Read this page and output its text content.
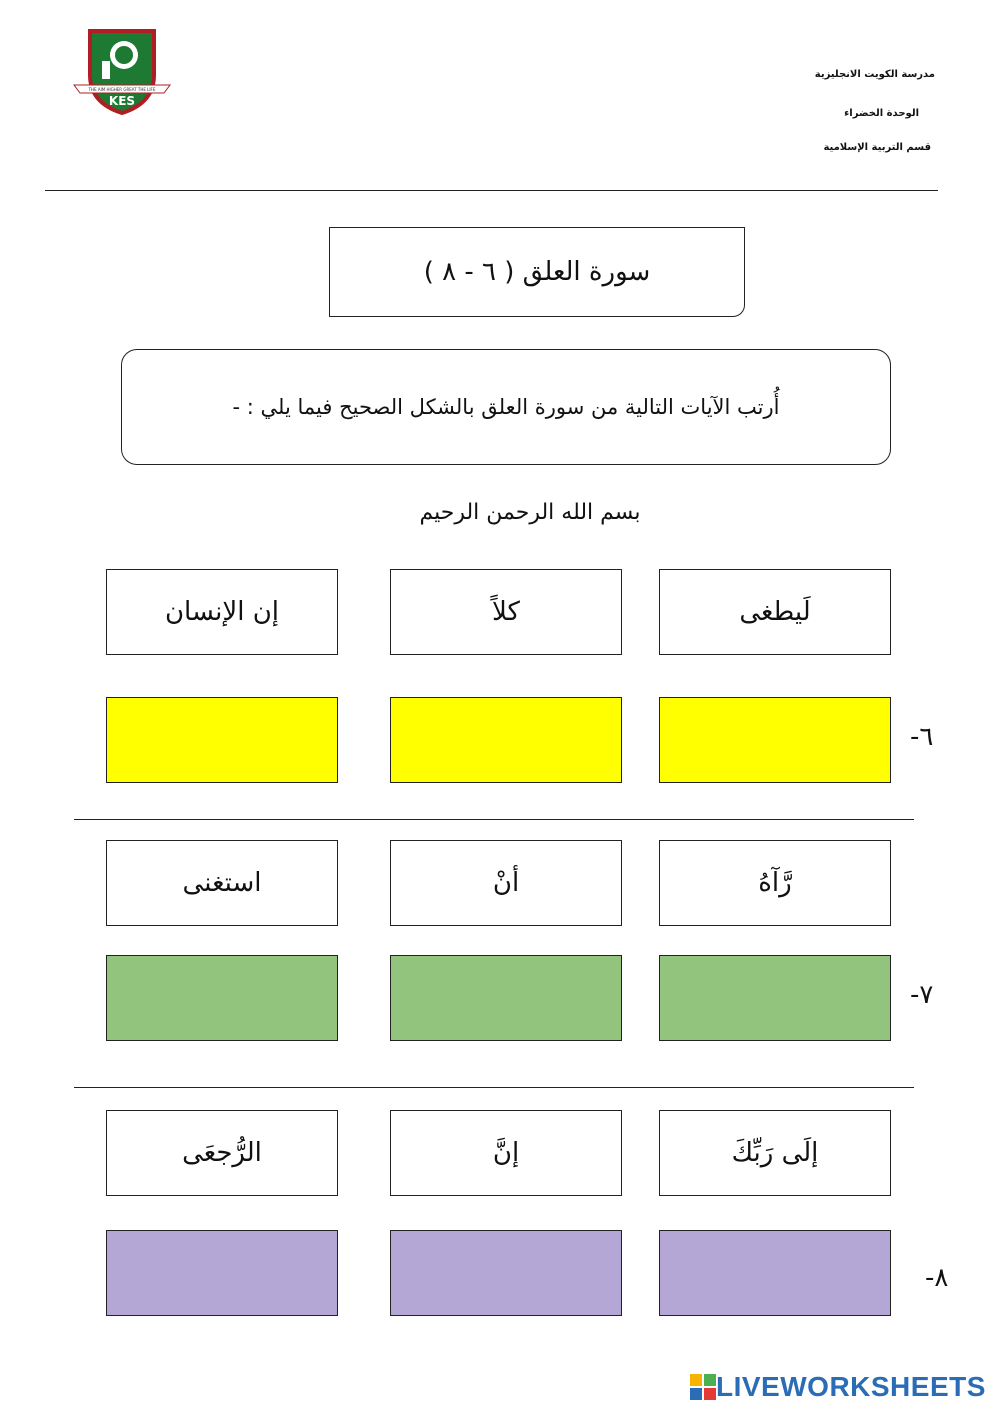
THE AIM HIGHER GREAT THE LIFE
KES
مدرسة الكويت الانجليزية
الوحدة الخضراء
قسم التربية الإسلامية
سورة العلق ( ٦ - ٨ )
أُرتب الآيات التالية من سورة العلق بالشكل الصحيح فيما يلي : -
بسم الله الرحمن الرحيم
لَيطغى
كلاً
إن الإنسان
٦-
رَّآهُ
أنْ
استغنى
٧-
إلَى رَبِّكَ
إنَّ
الرُّجعَى
٨-
LIVEWORKSHEETS
